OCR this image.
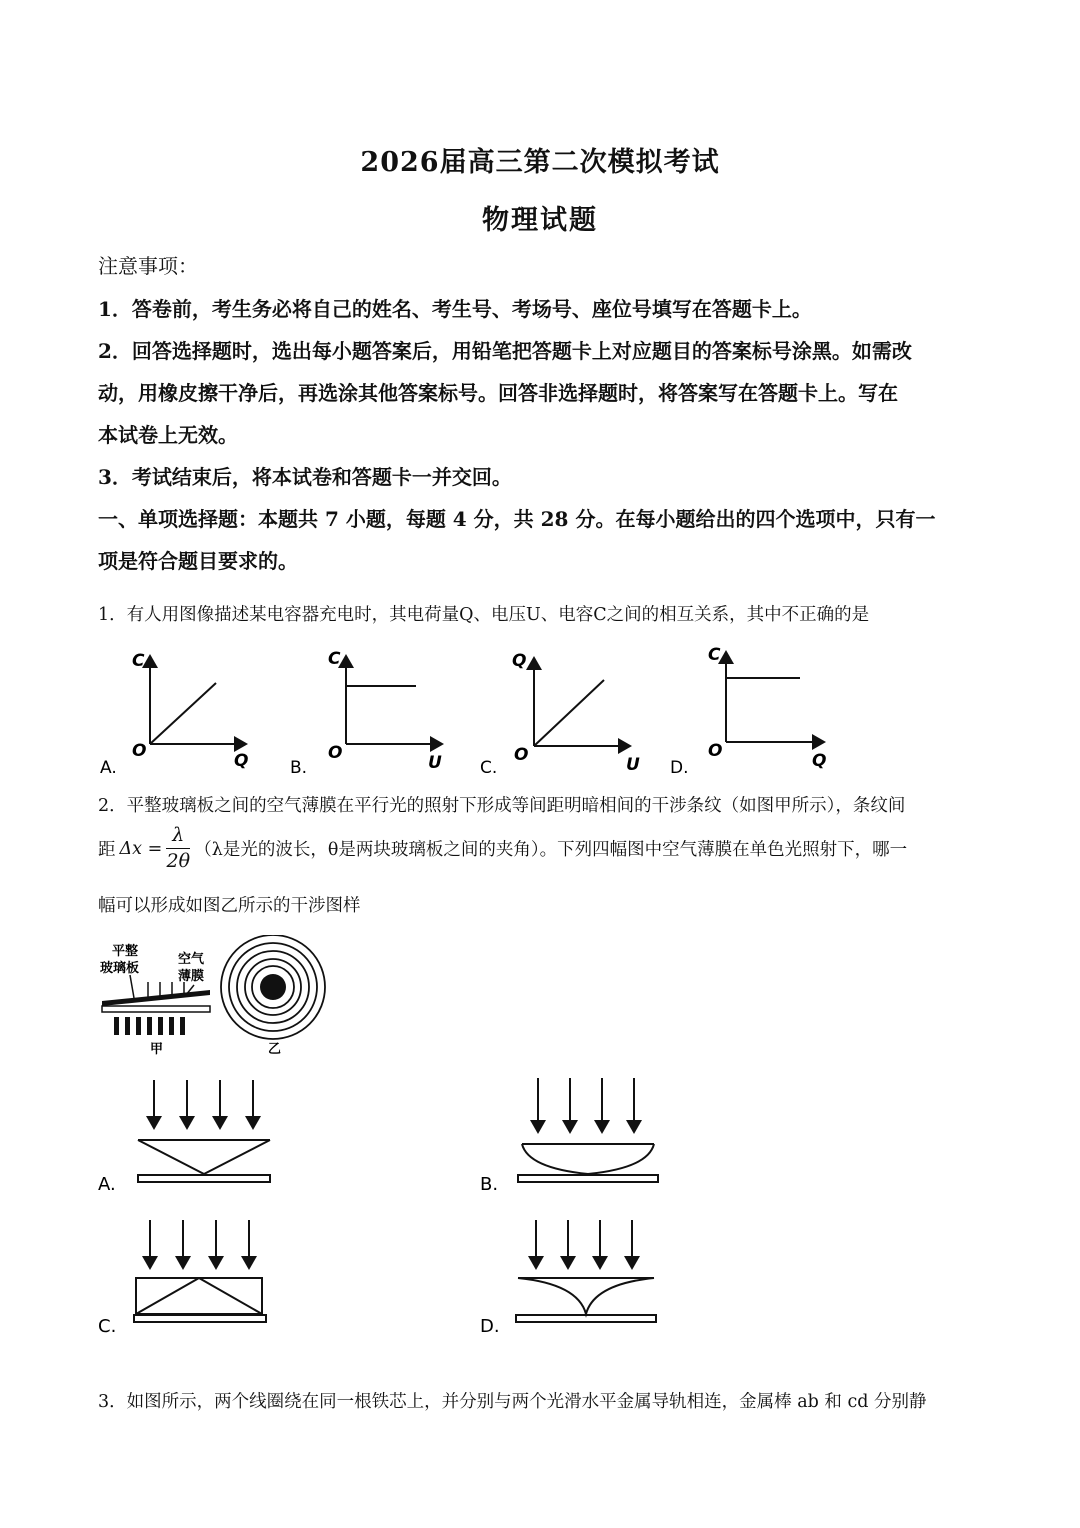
2026届高三第二次模拟考试
物理试题
注意事项：
1．答卷前，考生务必将自己的姓名、考生号、考场号、座位号填写在答题卡上。
2．回答选择题时，选出每小题答案后，用铅笔把答题卡上对应题目的答案标号涂黑。如需改
动，用橡皮擦干净后，再选涂其他答案标号。回答非选择题时，将答案写在答题卡上。写在
本试卷上无效。
3．考试结束后，将本试卷和答题卡一并交回。
一、单项选择题：本题共 7 小题，每题 4 分，共 28 分。在每小题给出的四个选项中，只有一
项是符合题目要求的。
1．有人用图像描述某电容器充电时，其电荷量Q、电压U、电容C之间的相互关系，其中不正确的是
C
Q
O
A.
C
U
O
B.
Q
U
O
C.
C
Q
O
D.
2．平整玻璃板之间的空气薄膜在平行光的照射下形成等间距明暗相间的干涉条纹（如图甲所示），条纹间
距 $\Delta x = \frac{\lambda}{2\theta} (\lambda$是光的波长，θ是两块玻璃板之间的夹角）。下列四幅图中空气薄膜在单色光照射下，哪一
幅可以形成如图乙所示的干涉图样
平整
玻璃板
空气
薄膜
甲	乙
A.	B.
C.	D.
3．如图所示，两个线圈绕在同一根铁芯上，并分别与两个光滑水平金属导轨相连，金属棒 ab 和 cd 分别静
